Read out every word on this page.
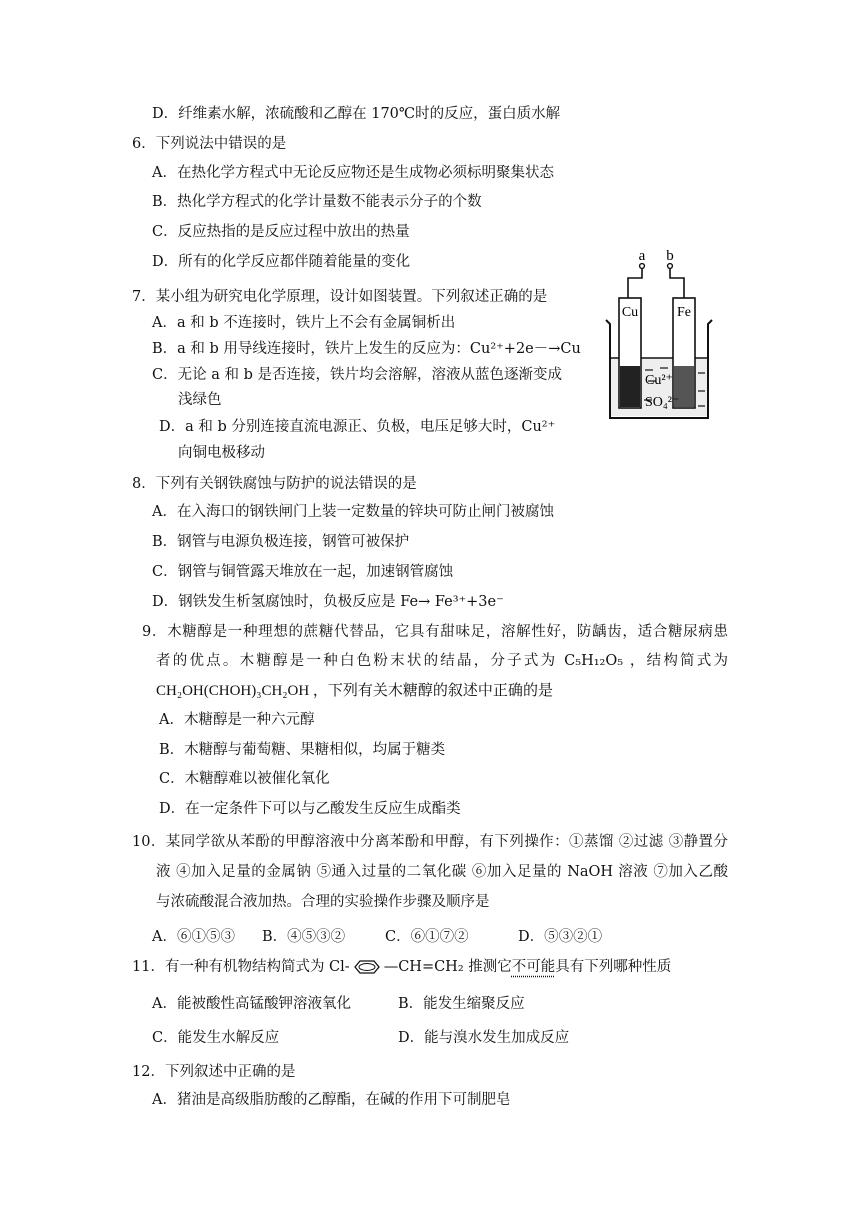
D．纤维素水解，浓硫酸和乙醇在 170℃时的反应，蛋白质水解
6．下列说法中错误的是
A．在热化学方程式中无论反应物还是生成物必须标明聚集状态
B．热化学方程式的化学计量数不能表示分子的个数
C．反应热指的是反应过程中放出的热量
D．所有的化学反应都伴随着能量的变化
7．某小组为研究电化学原理，设计如图装置。下列叙述正确的是
A．a 和 b 不连接时，铁片上不会有金属铜析出
B．a 和 b 用导线连接时，铁片上发生的反应为：Cu²⁺+2e－→Cu
C．无论 a 和 b 是否连接，铁片均会溶解，溶液从蓝色逐渐变成
浅绿色
D．a 和 b 分别连接直流电源正、负极，电压足够大时，Cu²⁺
向铜电极移动
a b
Cu	Fe
Cu²⁺
SO₄²⁻
8．下列有关钢铁腐蚀与防护的说法错误的是
A．在入海口的钢铁闸门上装一定数量的锌块可防止闸门被腐蚀
B．钢管与电源负极连接，钢管可被保护
C．钢管与铜管露天堆放在一起，加速钢管腐蚀
D．钢铁发生析氢腐蚀时，负极反应是 Fe→ Fe³⁺+3e⁻
9．木糖醇是一种理想的蔗糖代替品，它具有甜味足，溶解性好，防龋齿，适合糖尿病患
者的优点。木糖醇是一种白色粉末状的结晶，分子式为 C₅H₁₂O₅ ，结构简式为
CH₂OH(CHOH)₃CH₂OH ，下列有关木糖醇的叙述中正确的是
A．木糖醇是一种六元醇
B．木糖醇与葡萄糖、果糖相似，均属于糖类
C．木糖醇难以被催化氧化
D．在一定条件下可以与乙酸发生反应生成酯类
10．某同学欲从苯酚的甲醇溶液中分离苯酚和甲醇，有下列操作：①蒸馏 ②过滤 ③静置分
液 ④加入足量的金属钠 ⑤通入过量的二氧化碳 ⑥加入足量的 NaOH 溶液 ⑦加入乙酸
与浓硫酸混合液加热。合理的实验操作步骤及顺序是
A．⑥①⑤③ B．④⑤③②	C．⑥①⑦②	D．⑤③②①
11．有一种有机物结构简式为 Cl- —CH=CH₂ 推测它不可能具有下列哪种性质
A．能被酸性高锰酸钾溶液氧化	B．能发生缩聚反应
C．能发生水解反应	D．能与溴水发生加成反应
12．下列叙述中正确的是
A．猪油是高级脂肪酸的乙醇酯，在碱的作用下可制肥皂
